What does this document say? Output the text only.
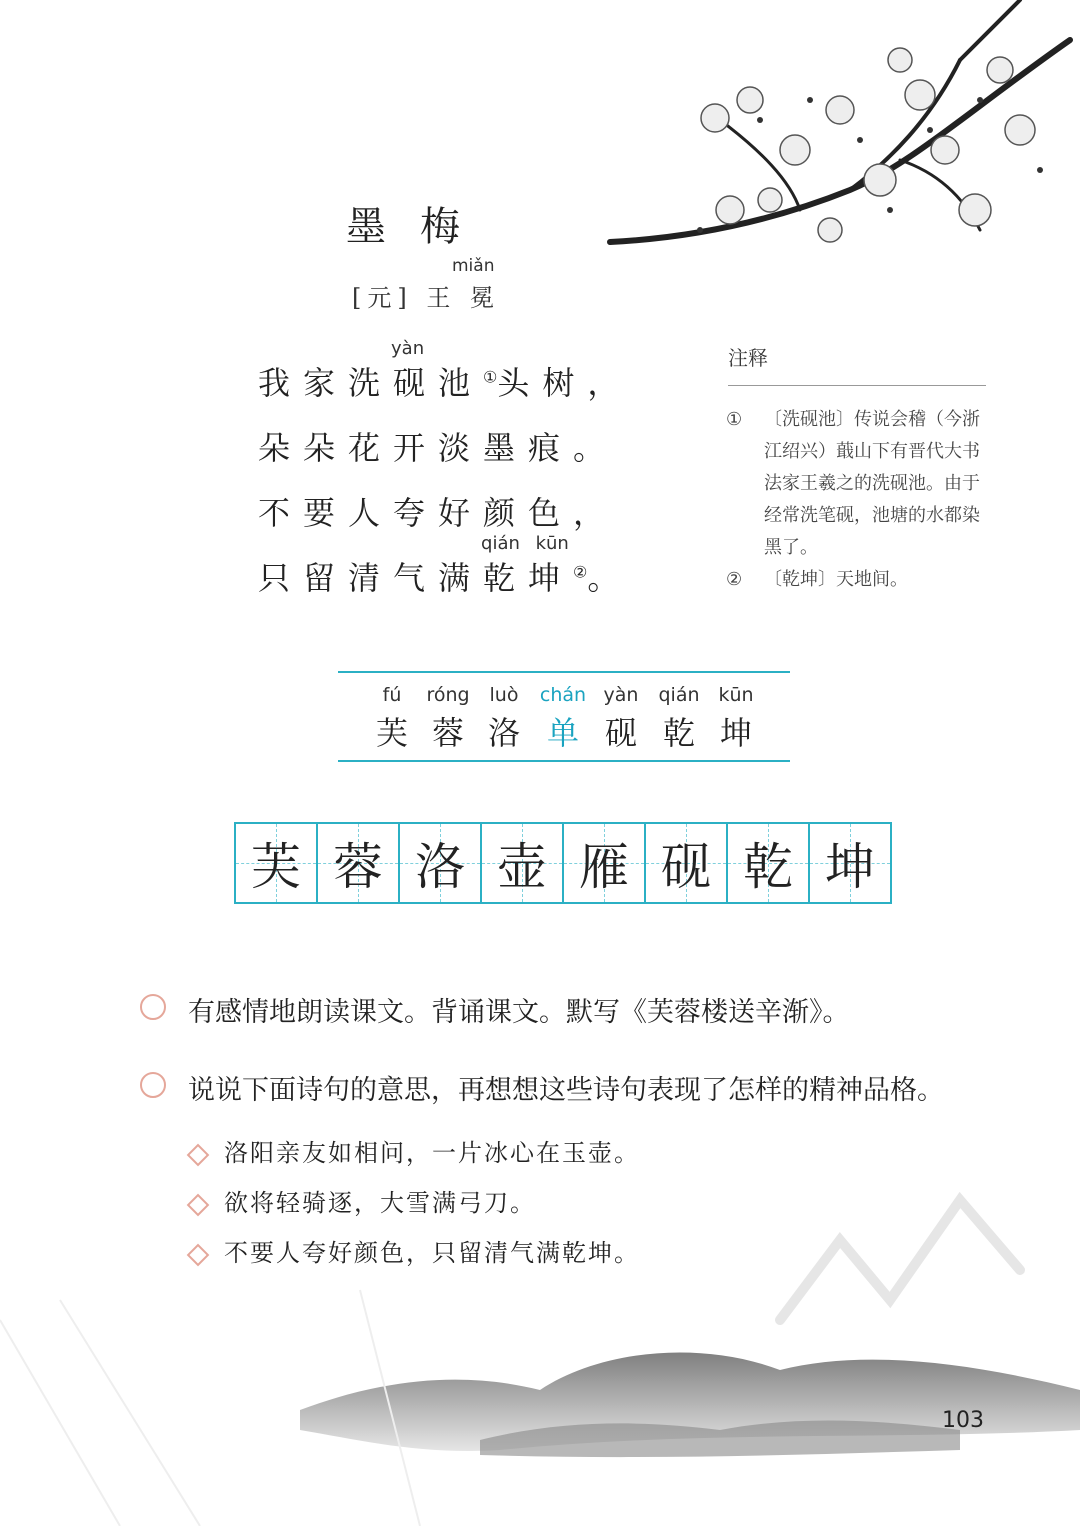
墨梅
miǎn
[元] 王 冕
我家洗
yàn
砚池①头树，
朵朵花开淡墨痕。
不要人夸好颜色，
只留清气满
qián kūn
乾坤②。
注释
① 〔洗砚池〕传说会稽（今浙江绍兴）蕺山下有晋代大书法家王羲之的洗砚池。由于经常洗笔砚，池塘的水都染黑了。
② 〔乾坤〕天地间。
fú
芙
róng
蓉
luò
洛
chán
单
yàn
砚
qián
乾
kūn
坤
芙 蓉 洛 壶 雁 砚 乾 坤
有感情地朗读课文。背诵课文。默写《芙蓉楼送辛渐》。
说说下面诗句的意思，再想想这些诗句表现了怎样的精神品格。
洛阳亲友如相问，一片冰心在玉壶。
欲将轻骑逐，大雪满弓刀。
不要人夸好颜色，只留清气满乾坤。
103
